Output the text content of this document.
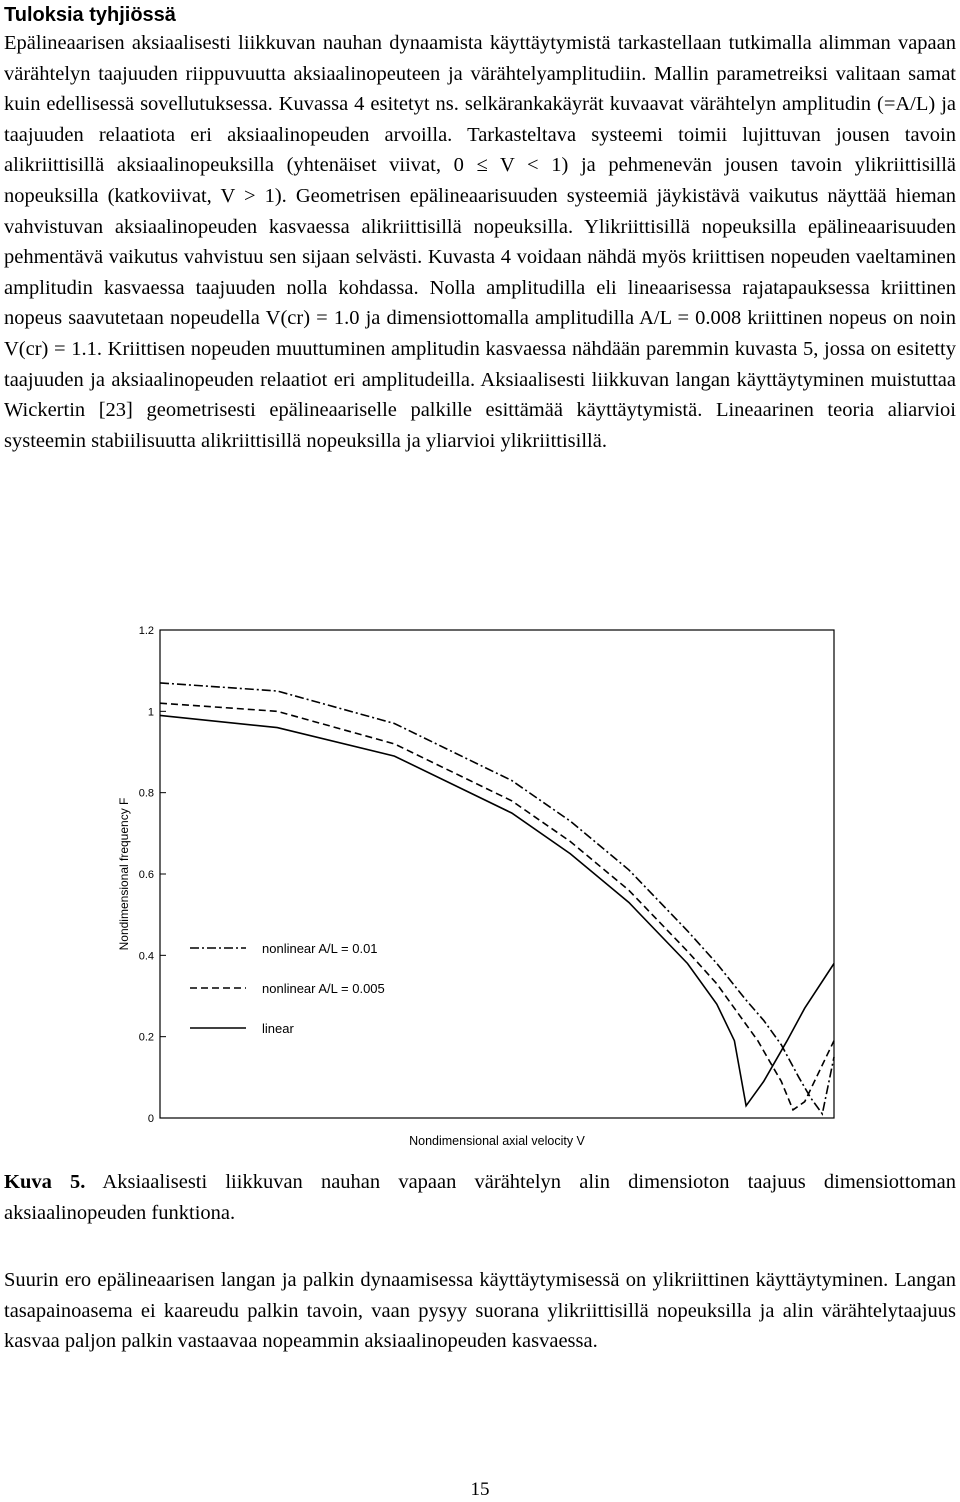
Tuloksia tyhjiössä

Epälineaarisen aksiaalisesti liikkuvan nauhan dynaamista käyttäytymistä tarkastellaan tutkimalla alimman vapaan värähtelyn taajuuden riippuvuutta aksiaalinopeuteen ja värähtelyamplitudiin. Mallin parametreiksi valitaan samat kuin edellisessä sovellutuksessa. Kuvassa 4 esitetyt ns. selkärankakäyrät kuvaavat värähtelyn amplitudin (=A/L) ja taajuuden relaatiota eri aksiaalinopeuden arvoilla. Tarkasteltava systeemi toimii lujittuvan jousen tavoin alikriittisillä aksiaalinopeuksilla (yhtenäiset viivat, 0 ≤ V < 1) ja pehmenevän jousen tavoin ylikriittisillä nopeuksilla (katkoviivat, V > 1). Geometrisen epälineaarisuuden systeemiä jäykistävä vaikutus näyttää hieman vahvistuvan aksiaalinopeuden kasvaessa alikriittisillä nopeuksilla. Ylikriittisillä nopeuksilla epälineaarisuuden pehmentävä vaikutus vahvistuu sen sijaan selvästi. Kuvasta 4 voidaan nähdä myös kriittisen nopeuden vaeltaminen amplitudin kasvaessa taajuuden nolla kohdassa. Nolla amplitudilla eli lineaarisessa rajatapauksessa kriittinen nopeus saavutetaan nopeudella V(cr) = 1.0 ja dimensiottomalla amplitudilla A/L = 0.008 kriittinen nopeus on noin V(cr) = 1.1. Kriittisen nopeuden muuttuminen amplitudin kasvaessa nähdään paremmin kuvasta 5, jossa on esitetty taajuuden ja aksiaalinopeuden relaatiot eri amplitudeilla. Aksiaalisesti liikkuvan langan käyttäytyminen muistuttaa Wickertin [23] geometrisesti epälineaariselle palkille esittämää käyttäytymistä. Lineaarinen teoria aliarvioi systeemin stabiilisuutta alikriittisillä nopeuksilla ja yliarvioi ylikriittisillä.

0
0.2
0.4
0.6
0.8
1
1.2
nonlinear A/L = 0.01
nonlinear A/L = 0.005
linear
Nondimensional frequency F
Nondimensional axial velocity V

Kuva 5. Aksiaalisesti liikkuvan nauhan vapaan värähtelyn alin dimensioton taajuus dimensiottoman aksiaalinopeuden funktiona.

Suurin ero epälineaarisen langan ja palkin dynaamisessa käyttäytymisessä on ylikriittinen käyttäytyminen. Langan tasapainoasema ei kaareudu palkin tavoin, vaan pysyy suorana ylikriittisillä nopeuksilla ja alin värähtelytaajuus kasvaa paljon palkin vastaavaa nopeammin aksiaalinopeuden kasvaessa.

15
